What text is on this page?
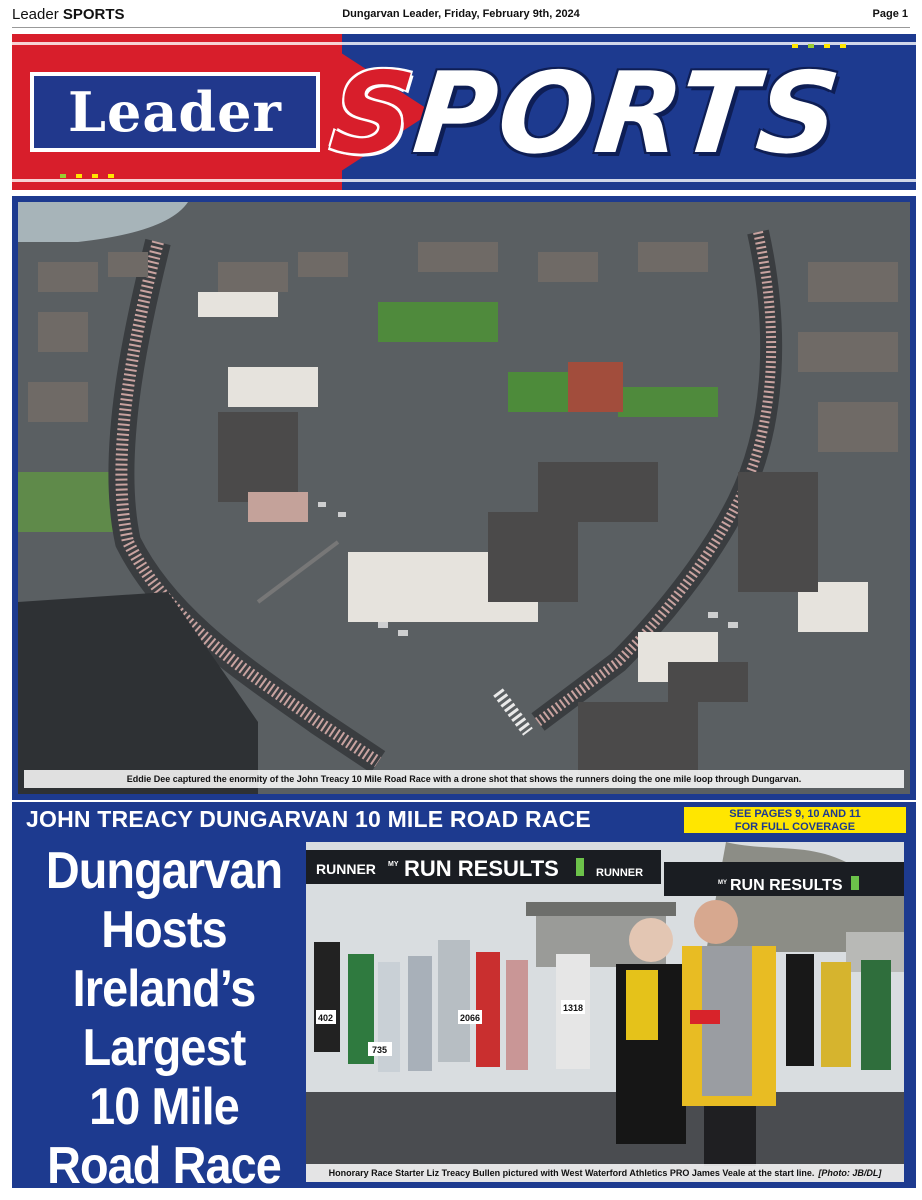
Leader SPORTS	Dungarvan Leader, Friday, February 9th, 2024	Page 1
Leader SPORTS
Eddie Dee captured the enormity of the John Treacy 10 Mile Road Race with a drone shot that shows the runners doing the one mile loop through Dungarvan.
JOHN TREACY DUNGARVAN 10 MILE ROAD RACE	SEE PAGES 9, 10 AND 11
FOR FULL COVERAGE
Dungarvan
Hosts
Ireland’s
Largest
10 Mile
Road Race
RUNNER MY RUN RESULTS	RUNNER
MY RUN RESULTS
402
735
2066
1318
Honorary Race Starter Liz Treacy Bullen pictured with West Waterford Athletics PRO James Veale at the start line. [Photo: JB/DL]
